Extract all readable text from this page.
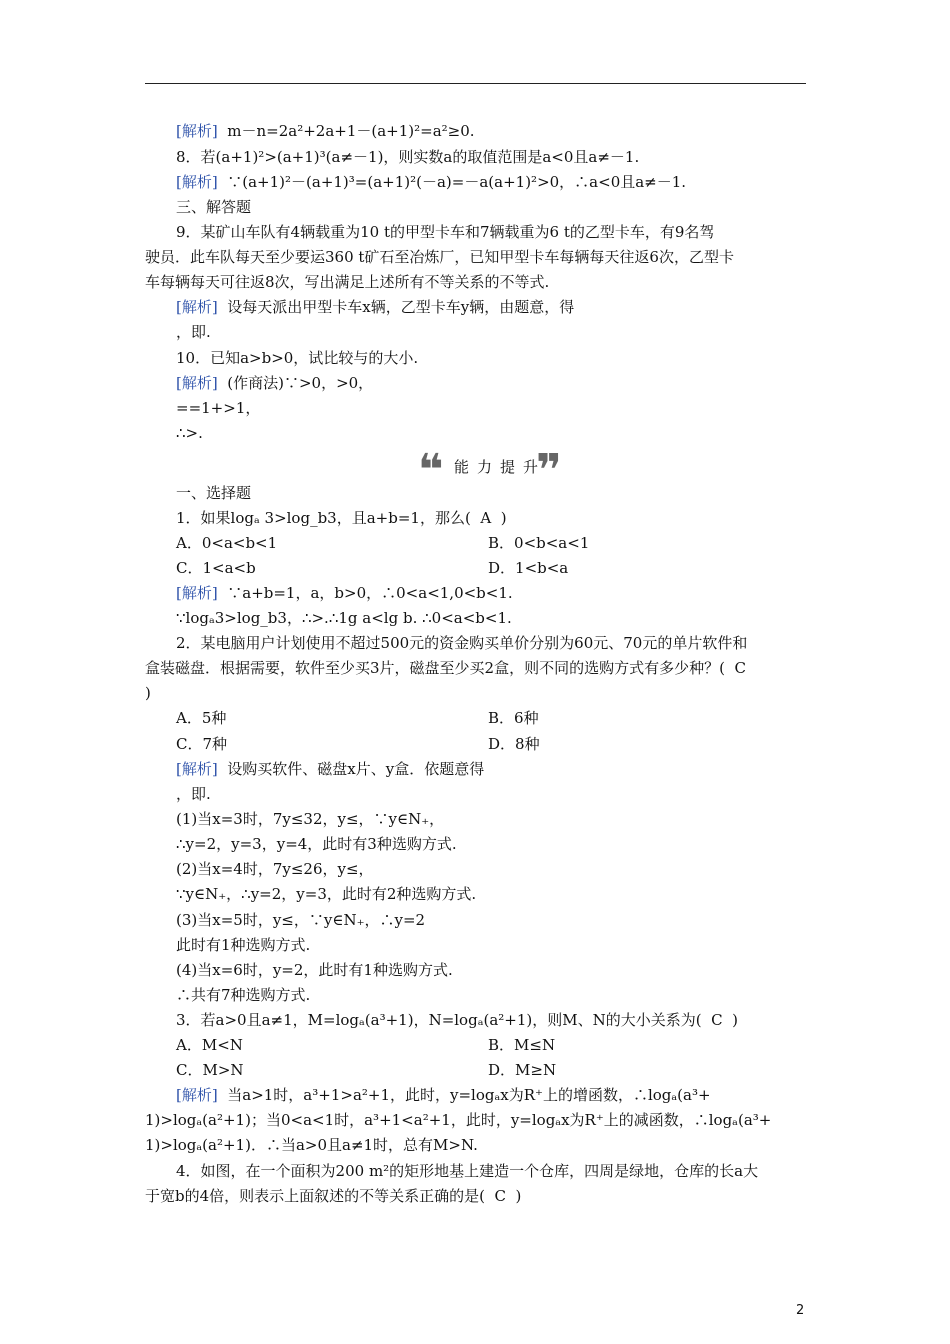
[解析]  m－n=2a²+2a+1－(a+1)²=a²≥0.
8．若(a+1)²>(a+1)³(a≠－1)，则实数a的取值范围是a<0且a≠－1.
[解析]  ∵(a+1)²－(a+1)³=(a+1)²(－a)=－a(a+1)²>0，∴a<0且a≠－1.
三、解答题
9．某矿山车队有4辆载重为10 t的甲型卡车和7辆载重为6 t的乙型卡车，有9名驾
驶员．此车队每天至少要运360 t矿石至冶炼厂，已知甲型卡车每辆每天往返6次，乙型卡
车每辆每天可往返8次，写出满足上述所有不等关系的不等式.
[解析]  设每天派出甲型卡车x辆，乙型卡车y辆，由题意，得
，即.
10．已知a>b>0，试比较与的大小.
[解析]  (作商法)∵>0，>0，
==1+>1，
∴>.
❝ 能力提升
❞
一、选择题
1．如果logₐ 3>log_b3，且a+b=1，那么(  A  )
A．0<a<b<1	B．0<b<a<1
C．1<a<b	D．1<b<a
[解析]  ∵a+b=1，a，b>0，∴0<a<1,0<b<1.
∵logₐ3>log_b3，∴>.∴1g a<lg b. ∴0<a<b<1.
2．某电脑用户计划使用不超过500元的资金购买单价分别为60元、70元的单片软件和
盒装磁盘．根据需要，软件至少买3片，磁盘至少买2盒，则不同的选购方式有多少种？(  C
)
A．5种	B．6种
C．7种	D．8种
[解析]  设购买软件、磁盘x片、y盒．依题意得
，即.
(1)当x=3时，7y≤32，y≤，∵y∈N₊，
∴y=2，y=3，y=4，此时有3种选购方式.
(2)当x=4时，7y≤26，y≤，
∵y∈N₊，∴y=2，y=3，此时有2种选购方式.
(3)当x=5时，y≤，∵y∈N₊，∴y=2
此时有1种选购方式.
(4)当x=6时，y=2，此时有1种选购方式.
∴共有7种选购方式.
3．若a>0且a≠1，M=logₐ(a³+1)，N=logₐ(a²+1)，则M、N的大小关系为(  C  )
A．M<N	B．M≤N
C．M>N	D．M≥N
[解析]  当a>1时，a³+1>a²+1，此时，y=logₐx为R⁺上的增函数，∴logₐ(a³+
1)>logₐ(a²+1)；当0<a<1时，a³+1<a²+1，此时，y=logₐx为R⁺上的减函数，∴logₐ(a³+
1)>logₐ(a²+1)．∴当a>0且a≠1时，总有M>N.
4．如图，在一个面积为200 m²的矩形地基上建造一个仓库，四周是绿地，仓库的长a大
于宽b的4倍，则表示上面叙述的不等关系正确的是(  C  )
2
